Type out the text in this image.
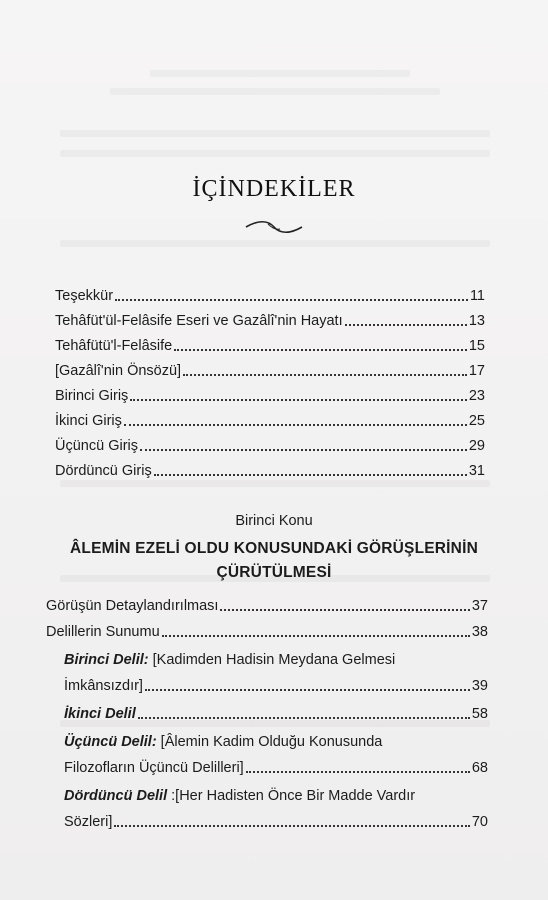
İÇİNDEKİLER
Teşekkür	11
Tehâfüt'ül-Felâsife Eseri ve Gazâlî'nin Hayatı	13
Tehâfütü'l-Felâsife	15
[Gazâlî'nin Önsözü]	17
Birinci Giriş	23
İkinci Giriş	25
Üçüncü Giriş	29
Dördüncü Giriş	31
Birinci Konu
ÂLEMİN EZELİ OLDU KONUSUNDAKİ GÖRÜŞLERİNİN ÇÜRÜTÜLMESİ
Görüşün Detaylandırılması	37
Delillerin Sunumu	38
Birinci Delil: [Kadimden Hadisin Meydana Gelmesi
İmkânsızdır]	39
İkinci Delil	58
Üçüncü Delil: [Âlemin Kadim Olduğu Konusunda
Filozofların Üçüncü Delilleri]	68
Dördüncü Delil :[Her Hadisten Önce Bir Madde Vardır
Sözleri]	70
